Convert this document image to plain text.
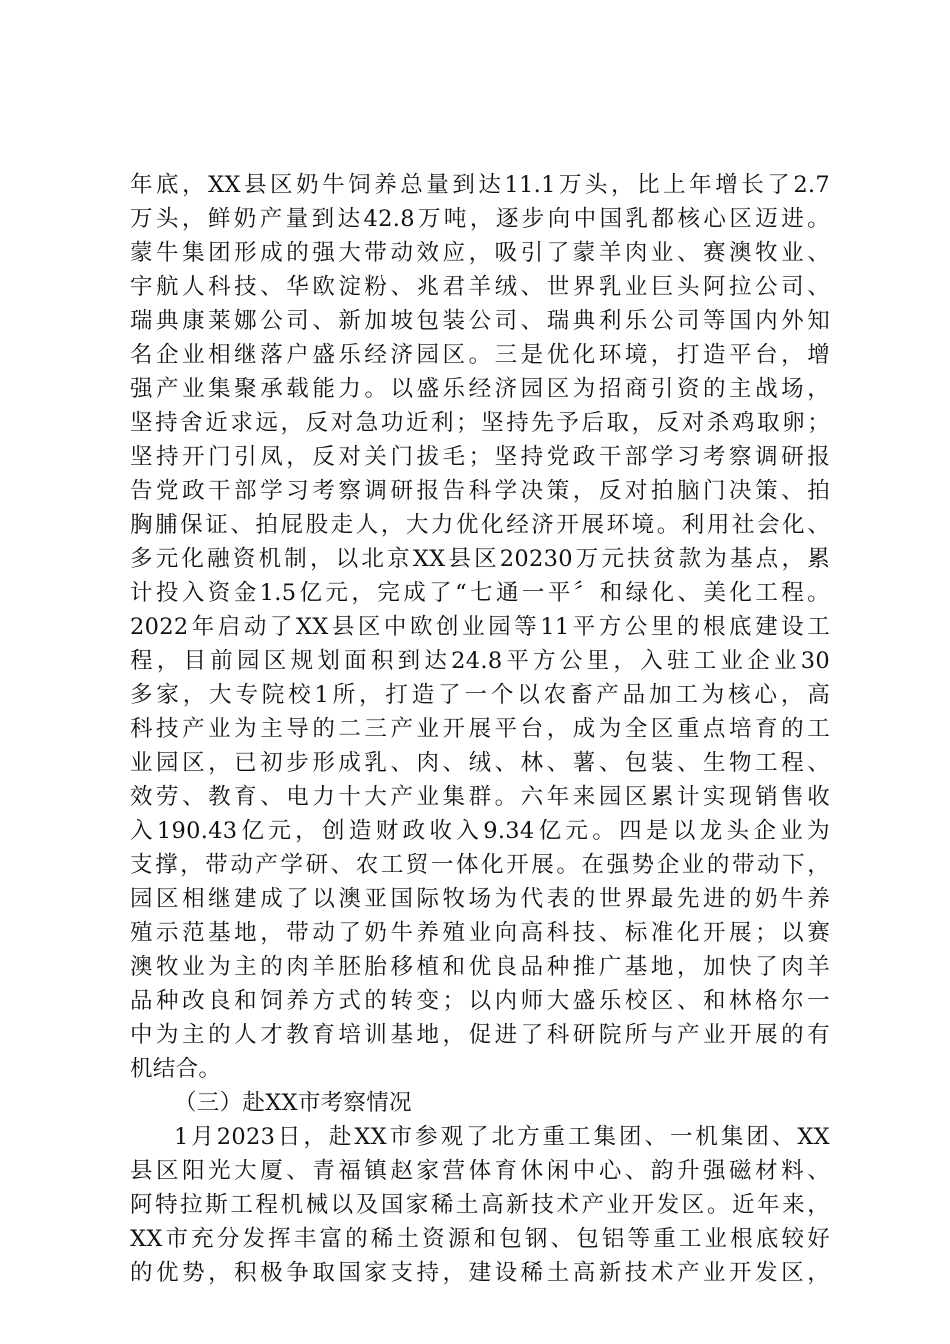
年底，XX县区奶牛饲养总量到达11.1万头，比上年增长了2.7
万头，鲜奶产量到达42.8万吨，逐步向中国乳都核心区迈进。
蒙牛集团形成的强大带动效应，吸引了蒙羊肉业、赛澳牧业、
宇航人科技、华欧淀粉、兆君羊绒、世界乳业巨头阿拉公司、
瑞典康莱娜公司、新加坡包装公司、瑞典利乐公司等国内外知
名企业相继落户盛乐经济园区。三是优化环境，打造平台，增
强产业集聚承载能力。以盛乐经济园区为招商引资的主战场，
坚持舍近求远，反对急功近利；坚持先予后取，反对杀鸡取卵；
坚持开门引凤，反对关门拔毛；坚持党政干部学习考察调研报
告党政干部学习考察调研报告科学决策，反对拍脑门决策、拍
胸脯保证、拍屁股走人，大力优化经济开展环境。利用社会化、
多元化融资机制，以北京XX县区20230万元扶贫款为基点，累
计投入资金1.5亿元，完成了“七通一平〞和绿化、美化工程。
2022年启动了XX县区中欧创业园等11平方公里的根底建设工
程，目前园区规划面积到达24.8平方公里，入驻工业企业30
多家，大专院校1所，打造了一个以农畜产品加工为核心，高
科技产业为主导的二三产业开展平台，成为全区重点培育的工
业园区，已初步形成乳、肉、绒、林、薯、包装、生物工程、
效劳、教育、电力十大产业集群。六年来园区累计实现销售收
入190.43亿元，创造财政收入9.34亿元。四是以龙头企业为
支撑，带动产学研、农工贸一体化开展。在强势企业的带动下，
园区相继建成了以澳亚国际牧场为代表的世界最先进的奶牛养
殖示范基地，带动了奶牛养殖业向高科技、标准化开展；以赛
澳牧业为主的肉羊胚胎移植和优良品种推广基地，加快了肉羊
品种改良和饲养方式的转变；以内师大盛乐校区、和林格尔一
中为主的人才教育培训基地，促进了科研院所与产业开展的有
机结合。
（三）赴XX市考察情况
1月2023日，赴XX市参观了北方重工集团、一机集团、XX
县区阳光大厦、青福镇赵家营体育休闲中心、韵升强磁材料、
阿特拉斯工程机械以及国家稀土高新技术产业开发区。近年来，
XX市充分发挥丰富的稀土资源和包钢、包铝等重工业根底较好
的优势，积极争取国家支持，建设稀土高新技术产业开发区，
